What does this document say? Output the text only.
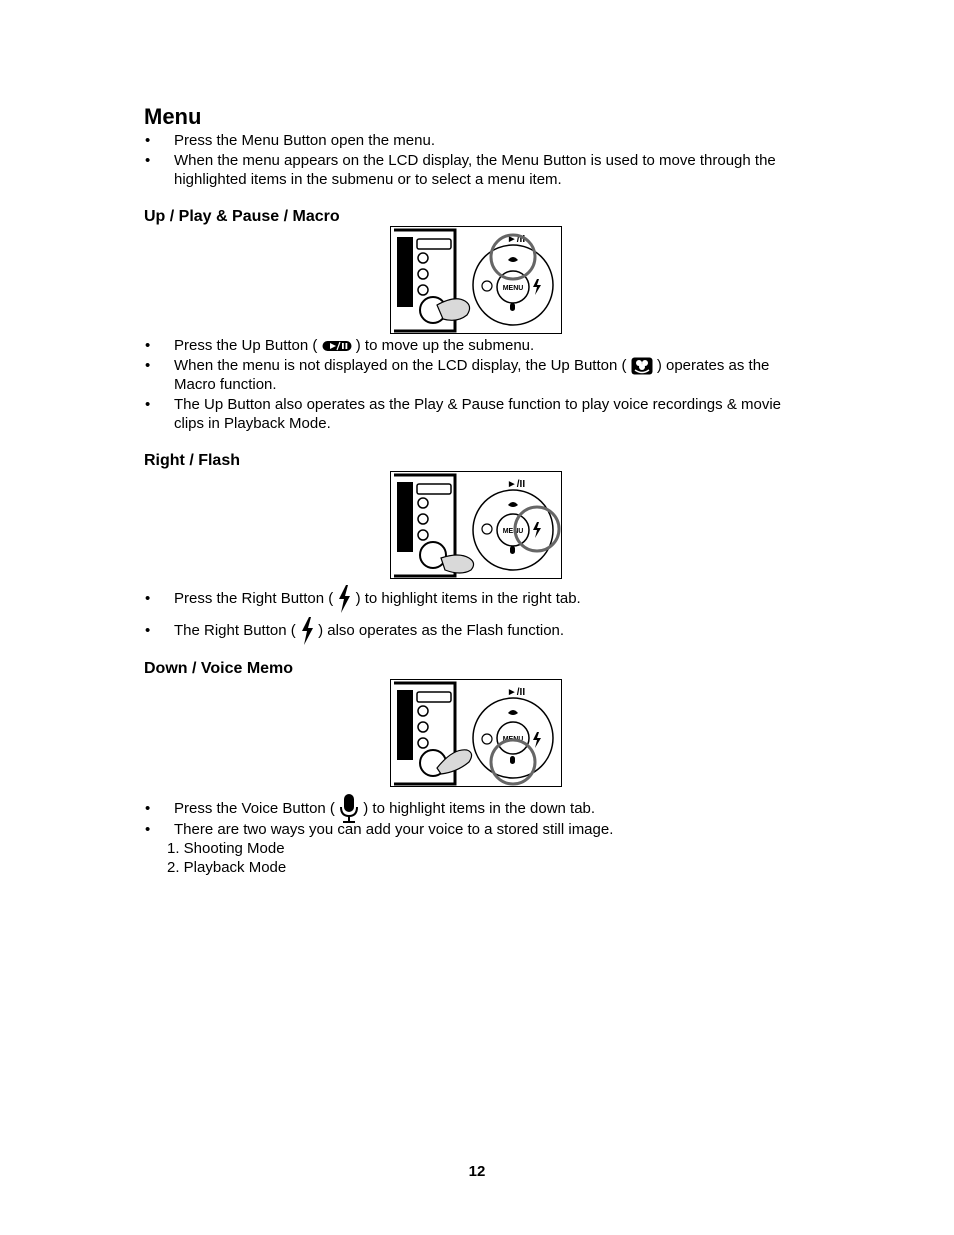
Menu
• Press the Menu Button open the menu.
• When the menu appears on the LCD display, the Menu Button is used to move through the highlighted items in the submenu or to select a menu item.
Up / Play & Pause / Macro
MENU
►/II
• Press the Up Button (	) to move up the submenu.
• When the menu is not displayed on the LCD display, the Up Button ( ) operates as the Macro function.
• The Up Button also operates as the Play & Pause function to play voice recordings & movie clips in Playback Mode.
Right / Flash
MENU
►/II
• Press the Right Button ( ) to highlight items in the right tab.
• The Right Button ( ) also operates as the Flash function.
Down / Voice Memo
MENU
►/II
• Press the Voice Button ( ) to highlight items in the down tab.
• There are two ways you can add your voice to a stored still image.
1. Shooting Mode
2. Playback Mode
12
